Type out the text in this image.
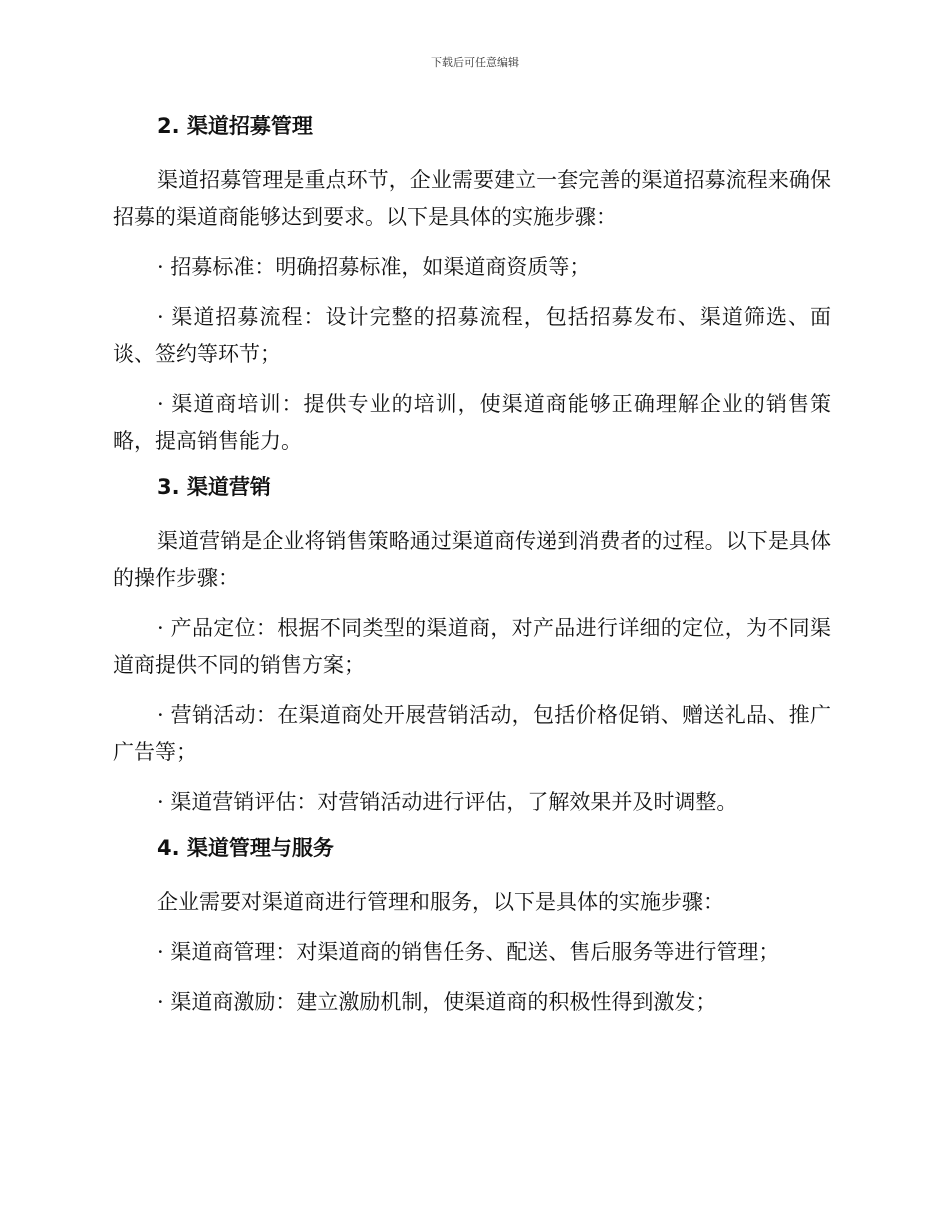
下载后可任意编辑
2. 渠道招募管理

渠道招募管理是重点环节，企业需要建立一套完善的渠道招募流程来确保招募的渠道商能够达到要求。以下是具体的实施步骤：

· 招募标准：明确招募标准，如渠道商资质等；

· 渠道招募流程：设计完整的招募流程，包括招募发布、渠道筛选、面谈、签约等环节；

· 渠道商培训：提供专业的培训，使渠道商能够正确理解企业的销售策略，提高销售能力。

3. 渠道营销

渠道营销是企业将销售策略通过渠道商传递到消费者的过程。以下是具体的操作步骤：

· 产品定位：根据不同类型的渠道商，对产品进行详细的定位，为不同渠道商提供不同的销售方案；

· 营销活动：在渠道商处开展营销活动，包括价格促销、赠送礼品、推广广告等；

· 渠道营销评估：对营销活动进行评估，了解效果并及时调整。

4. 渠道管理与服务

企业需要对渠道商进行管理和服务，以下是具体的实施步骤：

· 渠道商管理：对渠道商的销售任务、配送、售后服务等进行管理；

· 渠道商激励：建立激励机制，使渠道商的积极性得到激发；
